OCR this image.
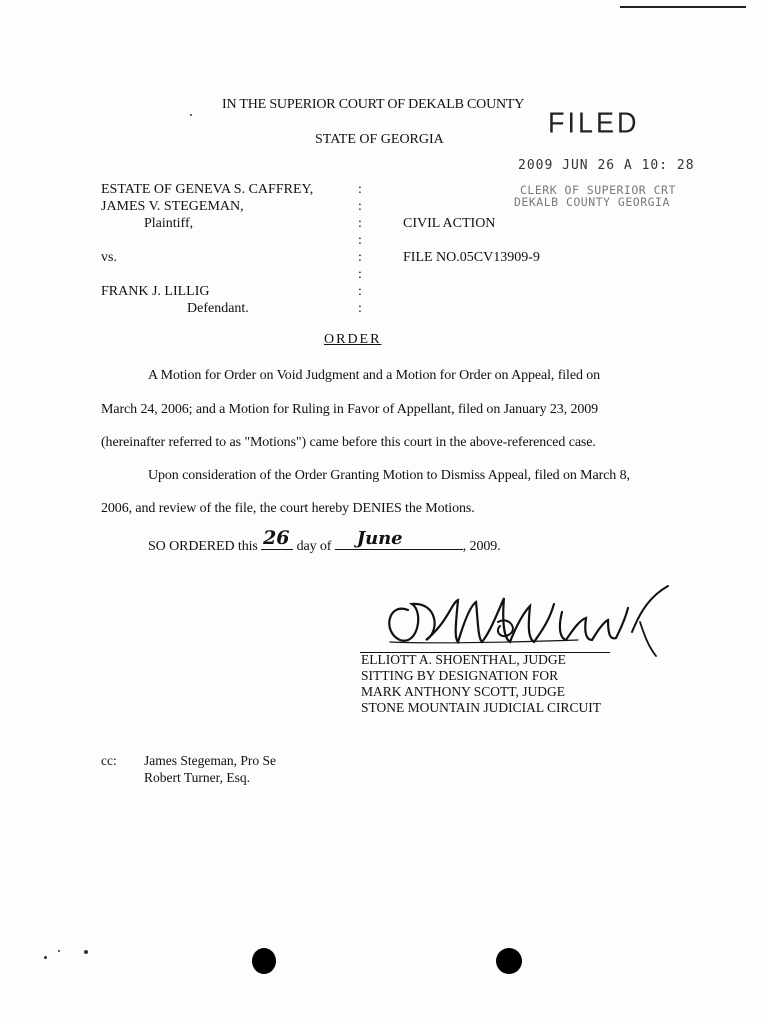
IN THE SUPERIOR COURT OF DEKALB COUNTY
STATE OF GEORGIA
FILED
2009 JUN 26 A 10: 28
CLERK OF SUPERIOR CRT
DEKALB COUNTY GEORGIA
ESTATE OF GENEVA S. CAFFREY,
JAMES V. STEGEMAN,
Plaintiff,
vs.
FRANK J. LILLIG
Defendant.
:
:
:
:
:
:
:
:
CIVIL ACTION
FILE NO.05CV13909-9
ORDER
A Motion for Order on Void Judgment and a Motion for Order on Appeal, filed on
March 24, 2006; and a Motion for Ruling in Favor of Appellant, filed on January 23, 2009
(hereinafter referred to as "Motions") came before this court in the above-referenced case.
Upon consideration of the Order Granting Motion to Dismiss Appeal, filed on March 8,
2006, and review of the file, the court hereby DENIES the Motions.
SO ORDERED this 26 day of June	, 2009.
ELLIOTT A. SHOENTHAL, JUDGE
SITTING BY DESIGNATION FOR
MARK ANTHONY SCOTT, JUDGE
STONE MOUNTAIN JUDICIAL CIRCUIT
cc: James Stegeman, Pro Se
Robert Turner, Esq.
